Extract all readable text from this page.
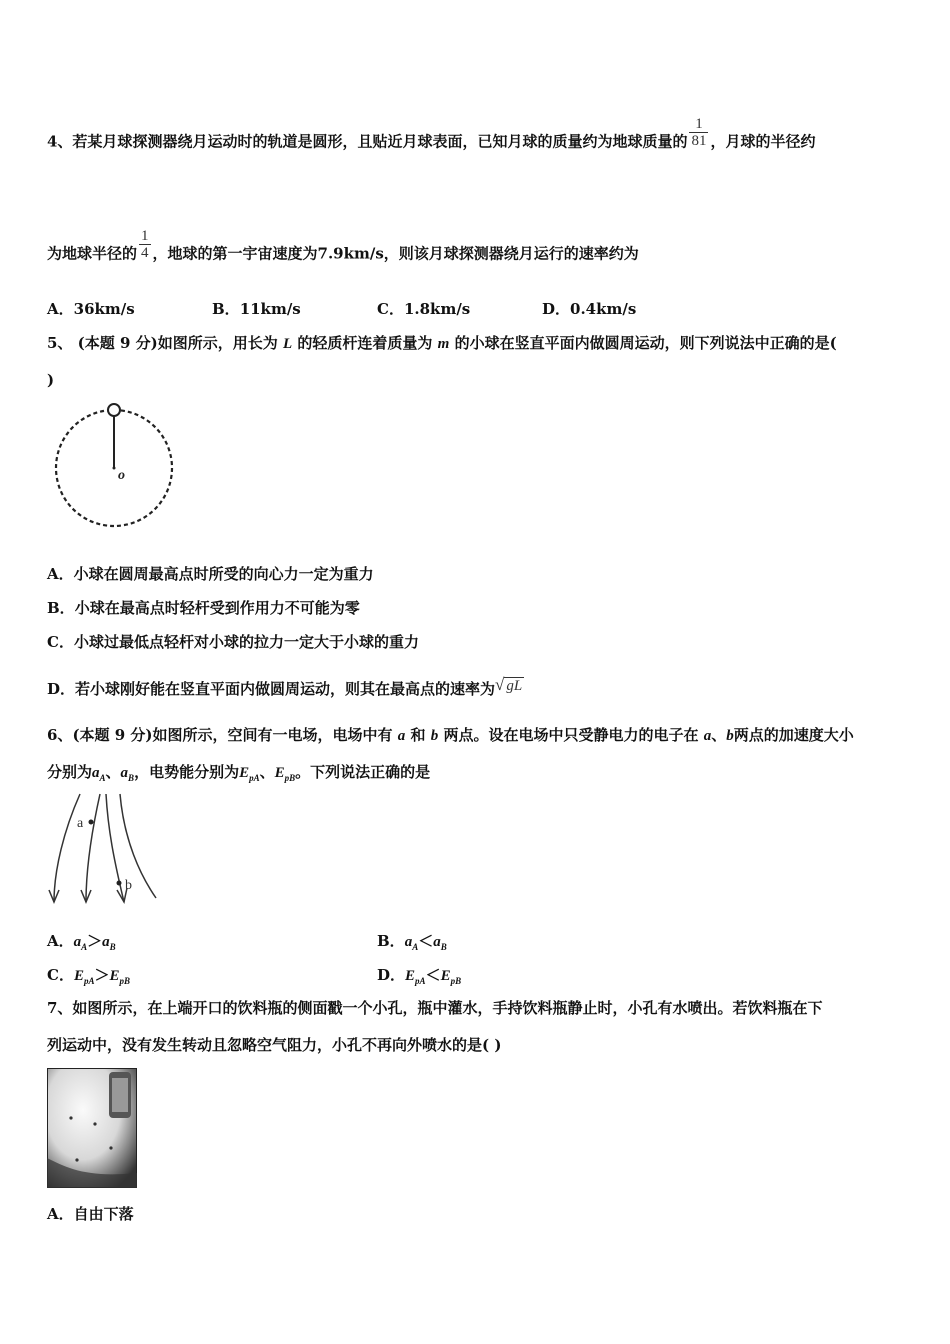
4、若某月球探测器绕月运动时的轨道是圆形，且贴近月球表面，已知月球的质量约为地球质量的 $\frac{1}{81}$ ，月球的半径约
为地球半径的 $\frac{1}{4}$ ，地球的第一宇宙速度为7.9km/s，则该月球探测器绕月运行的速率约为
A．36km/s	B．11km/s	C．1.8km/s	D．0.4km/s
5、 (本题 9 分)如图所示，用长为 L 的轻质杆连着质量为 m 的小球在竖直平面内做圆周运动，则下列说法中正确的是(
)
o
A．小球在圆周最高点时所受的向心力一定为重力
B．小球在最高点时轻杆受到作用力不可能为零
C．小球过最低点轻杆对小球的拉力一定大于小球的重力
D．若小球刚好能在竖直平面内做圆周运动，则其在最高点的速率为√ gL
6、(本题 9 分)如图所示，空间有一电场，电场中有 a 和 b 两点。设在电场中只受静电力的电子在 a、b两点的加速度大小
分别为$a_A$、$a_B$，电势能分别为$E_{pA}$、$E_{pB}$。下列说法正确的是
a
b
A．$a_A>a_B$	B．$a_A<a_B$
C．$E_{pA}>E_{pB}$	D．$E_{pA}<E_{pB}$
7、如图所示，在上端开口的饮料瓶的侧面戳一个小孔，瓶中灌水，手持饮料瓶静止时，小孔有水喷出。若饮料瓶在下
列运动中，没有发生转动且忽略空气阻力，小孔不再向外喷水的是( )
A．自由下落
